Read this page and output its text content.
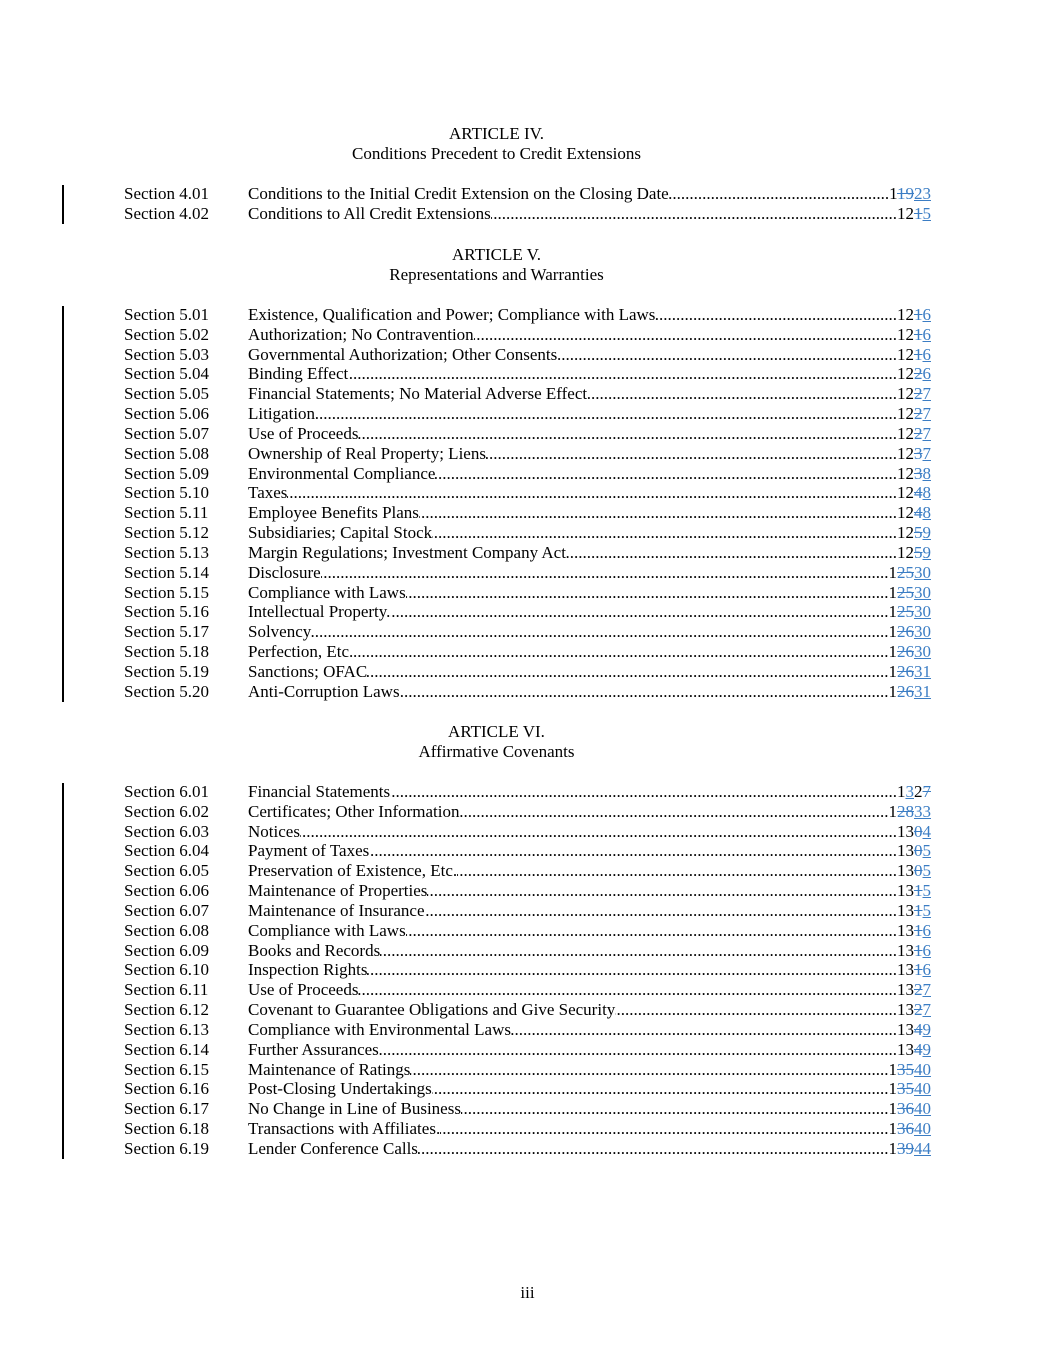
ARTICLE IV.
Conditions Precedent to Credit Extensions
Section 4.01	Conditions to the Initial Credit Extension on the Closing Date .....	11923
Section 4.02	Conditions to All Credit Extensions .....	1215
ARTICLE V.
Representations and Warranties
Section 5.01	Existence, Qualification and Power; Compliance with Laws .....	1216
Section 5.02	Authorization; No Contravention .....	1216
Section 5.03	Governmental Authorization; Other Consents .....	1216
Section 5.04	Binding Effect .....	1226
Section 5.05	Financial Statements; No Material Adverse Effect .....	1227
Section 5.06	Litigation .....	1227
Section 5.07	Use of Proceeds .....	1227
Section 5.08	Ownership of Real Property; Liens .....	1237
Section 5.09	Environmental Compliance .....	1238
Section 5.10	Taxes .....	1248
Section 5.11	Employee Benefits Plans .....	1248
Section 5.12	Subsidiaries; Capital Stock .....	1259
Section 5.13	Margin Regulations; Investment Company Act .....	1259
Section 5.14	Disclosure .....	12530
Section 5.15	Compliance with Laws .....	12530
Section 5.16	Intellectual Property. .....	12530
Section 5.17	Solvency .....	12630
Section 5.18	Perfection, Etc. .....	12630
Section 5.19	Sanctions; OFAC .....	12631
Section 5.20	Anti-Corruption Laws .....	12631
ARTICLE VI.
Affirmative Covenants
Section 6.01	Financial Statements .....	1327
Section 6.02	Certificates; Other Information .....	12833
Section 6.03	Notices .....	1304
Section 6.04	Payment of Taxes .....	1305
Section 6.05	Preservation of Existence, Etc. .....	1305
Section 6.06	Maintenance of Properties .....	1315
Section 6.07	Maintenance of Insurance .....	1315
Section 6.08	Compliance with Laws .....	1316
Section 6.09	Books and Records .....	1316
Section 6.10	Inspection Rights .....	1316
Section 6.11	Use of Proceeds .....	1327
Section 6.12	Covenant to Guarantee Obligations and Give Security .....	1327
Section 6.13	Compliance with Environmental Laws .....	1349
Section 6.14	Further Assurances .....	1349
Section 6.15	Maintenance of Ratings .....	13540
Section 6.16	Post-Closing Undertakings .....	13540
Section 6.17	No Change in Line of Business .....	13640
Section 6.18	Transactions with Affiliates. .....	13640
Section 6.19	Lender Conference Calls .....	13944
iii
